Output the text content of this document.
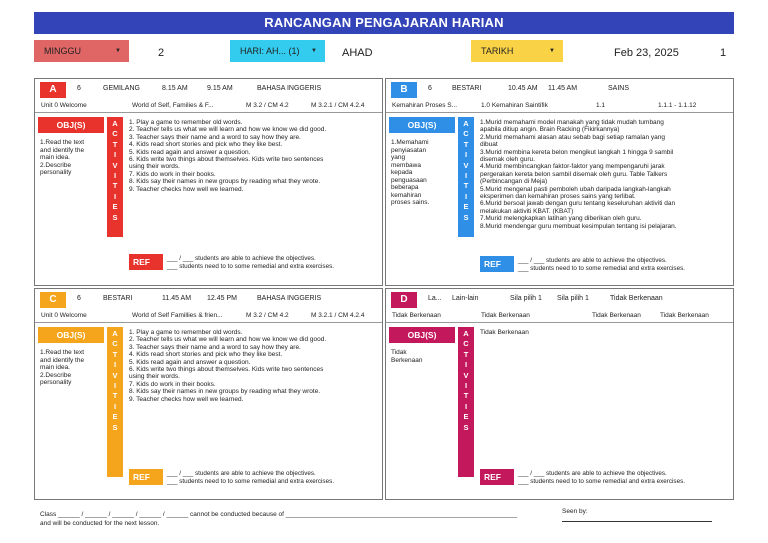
RANCANGAN PENGAJARAN HARIAN
MINGGU	▼	2	HARI: AH... (1) ▼ AHAD	TARIKH	▼	Feb 23, 2025	1
A	6	GEMILANG	8.15 AM	9.15 AM	BAHASA INGGERIS
Unit 0 Welcome	World of Self, Families & F...	M 3.2 / CM 4.2	M 3.2.1 / CM 4.2.4
OBJ(S)
1.Read the text
and identify the
main idea.
2.Describe
personality
A
C
T
I
V
I
T
I
E
S
1. Play a game to remember old words.
2. Teacher tells us what we will learn and how we know we did good.
3. Teacher says their name and a word to say how they are.
4. Kids read short stories and pick who they like best.
5. Kids read again and answer a question.
6. Kids write two things about themselves. Kids write two sentences
using their words.
7. Kids do work in their books.
8. Kids say their names in new groups by reading what they wrote.
9. Teacher checks how well we learned.
REF	___ / ___ students are able to achieve the objectives.
___ students need to to some remedial and extra exercises.
B	6	BESTARI	10.45 AM 11.45 AM	SAINS
Kemahiran Proses S...	1.0 Kemahiran Saintifik	1.1	1.1.1 - 1.1.12
OBJ(S)
1.Memahami
penyiasatan
yang
membawa
kepada
penguasaan
beberapa
kemahiran
proses sains.
A
C
T
I
V
I
T
I
E
S
1.Murid memahami model manakah yang tidak mudah tumbang
apabila ditiup angin. Brain Racking (Fikirkannya)
2.Murid memahami alasan atau sebab bagi setiap ramalan yang
dibuat
3.Murid membina kereta belon mengikut langkah 1 hingga 9 sambil
disemak oleh guru.
4.Murid membincangkan faktor-faktor yang mempengaruhi jarak
pergerakan kereta belon sambil disemak oleh guru. Table Talkers
(Perbincangan di Meja)
5.Murid mengenal pasti pemboleh ubah daripada langkah-langkah
eksperimen dan kemahiran proses sains yang terlibat.
6.Murid bersoal jawab dengan guru tentang keseluruhan aktiviti dan
melakukan aktiviti KBAT. (KBAT)
7.Murid melengkapkan latihan yang diberikan oleh guru.
8.Murid mendengar guru membuat kesimpulan tentang isi pelajaran.
REF	___ / ___ students are able to achieve the objectives.
___ students need to to some remedial and extra exercises.
C	6	BESTARI	11.45 AM 12.45 PM	BAHASA INGGERIS
Unit 0 Welcome	World of Self Famillies & frien...	M 3.2 / CM 4.2	M 3.2.1 / CM 4.2.4
OBJ(S)
1.Read the text
and identify the
main idea.
2.Describe
personality
A
C
T
I
V
I
T
I
E
S
1. Play a game to remember old words.
2. Teacher tells us what we will learn and how we know we did good.
3. Teacher says their name and a word to say how they are.
4. Kids read short stories and pick who they like best.
5. Kids read again and answer a question.
6. Kids write two things about themselves. Kids write two sentences
using their words.
7. Kids do work in their books.
8. Kids say their names in new groups by reading what they wrote.
9. Teacher checks how well we learned.
REF	___ / ___ students are able to achieve the objectives.
___ students need to to some remedial and extra exercises.
D	La... Lain-lain	Sila pilih 1 Sila pilih 1	Tidak Berkenaan
Tidak Berkenaan	Tidak Berkenaan	Tidak Berkenaan	Tidak Berkenaan
OBJ(S)
Tidak
Berkenaan
A
C
T
I
V
I
T
I
E
S
Tidak Berkenaan
REF	___ / ___ students are able to achieve the objectives.
___ students need to to some remedial and extra exercises.
Class ______ / ______ / ______ / ______ / ______ cannot be conducted because of ________________________________________________________________
and will be conducted for the next lesson.
Seen by:
